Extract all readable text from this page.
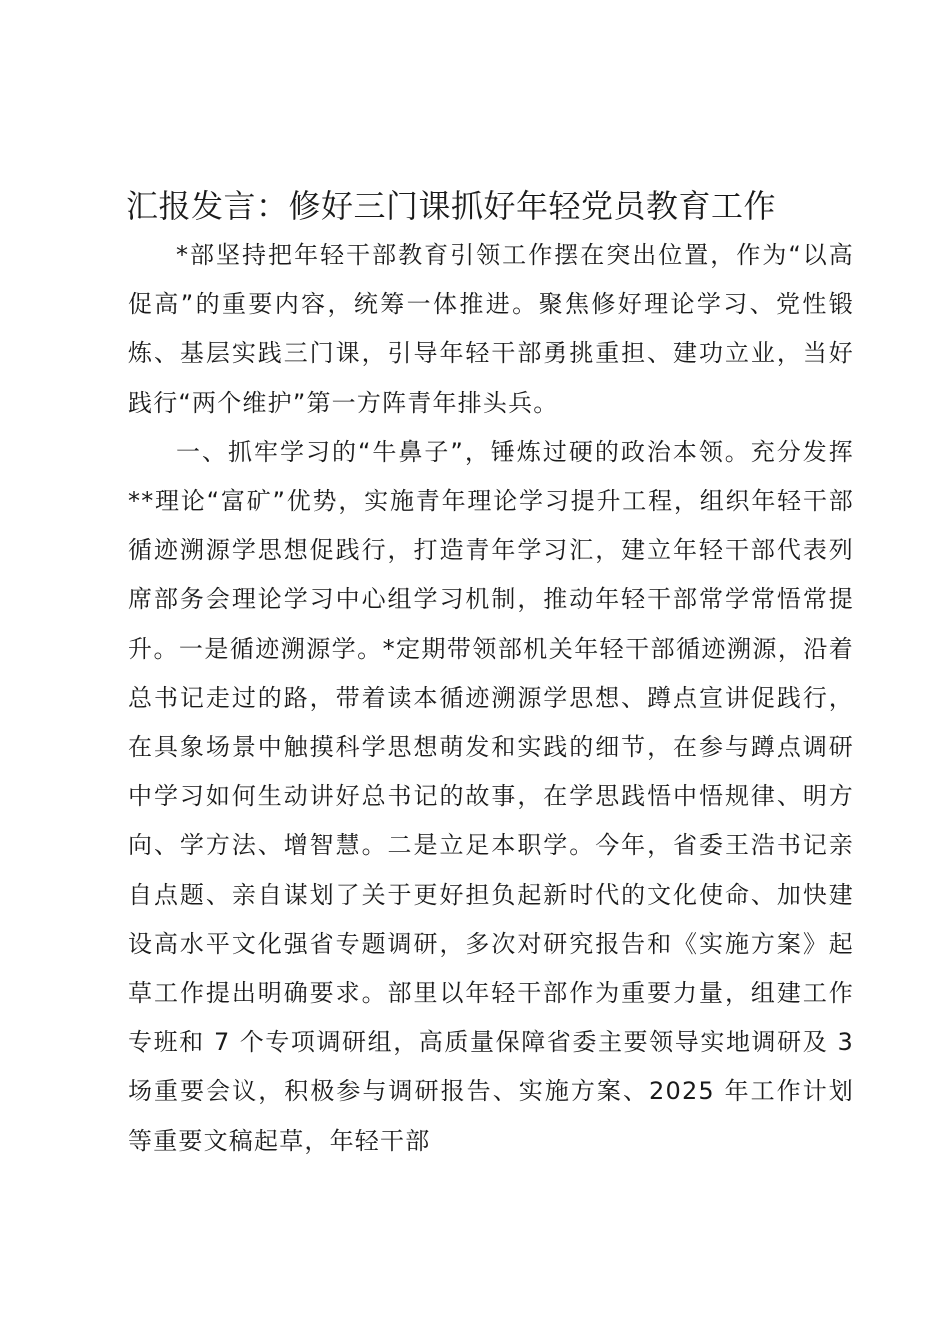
汇报发言：修好三门课抓好年轻党员教育工作

*部坚持把年轻干部教育引领工作摆在突出位置，作为“以高促高”的重要内容，统筹一体推进。聚焦修好理论学习、党性锻炼、基层实践三门课，引导年轻干部勇挑重担、建功立业，当好践行“两个维护”第一方阵青年排头兵。

一、抓牢学习的“牛鼻子”，锤炼过硬的政治本领。充分发挥**理论“富矿”优势，实施青年理论学习提升工程，组织年轻干部循迹溯源学思想促践行，打造青年学习汇，建立年轻干部代表列席部务会理论学习中心组学习机制，推动年轻干部常学常悟常提升。一是循迹溯源学。*定期带领部机关年轻干部循迹溯源，沿着总书记走过的路，带着读本循迹溯源学思想、蹲点宣讲促践行，在具象场景中触摸科学思想萌发和实践的细节，在参与蹲点调研中学习如何生动讲好总书记的故事，在学思践悟中悟规律、明方向、学方法、增智慧。二是立足本职学。今年，省委王浩书记亲自点题、亲自谋划了关于更好担负起新时代的文化使命、加快建设高水平文化强省专题调研，多次对研究报告和《实施方案》起草工作提出明确要求。部里以年轻干部作为重要力量，组建工作专班和 7 个专项调研组，高质量保障省委主要领导实地调研及 3 场重要会议，积极参与调研报告、实施方案、2025 年工作计划等重要文稿起草，年轻干部
